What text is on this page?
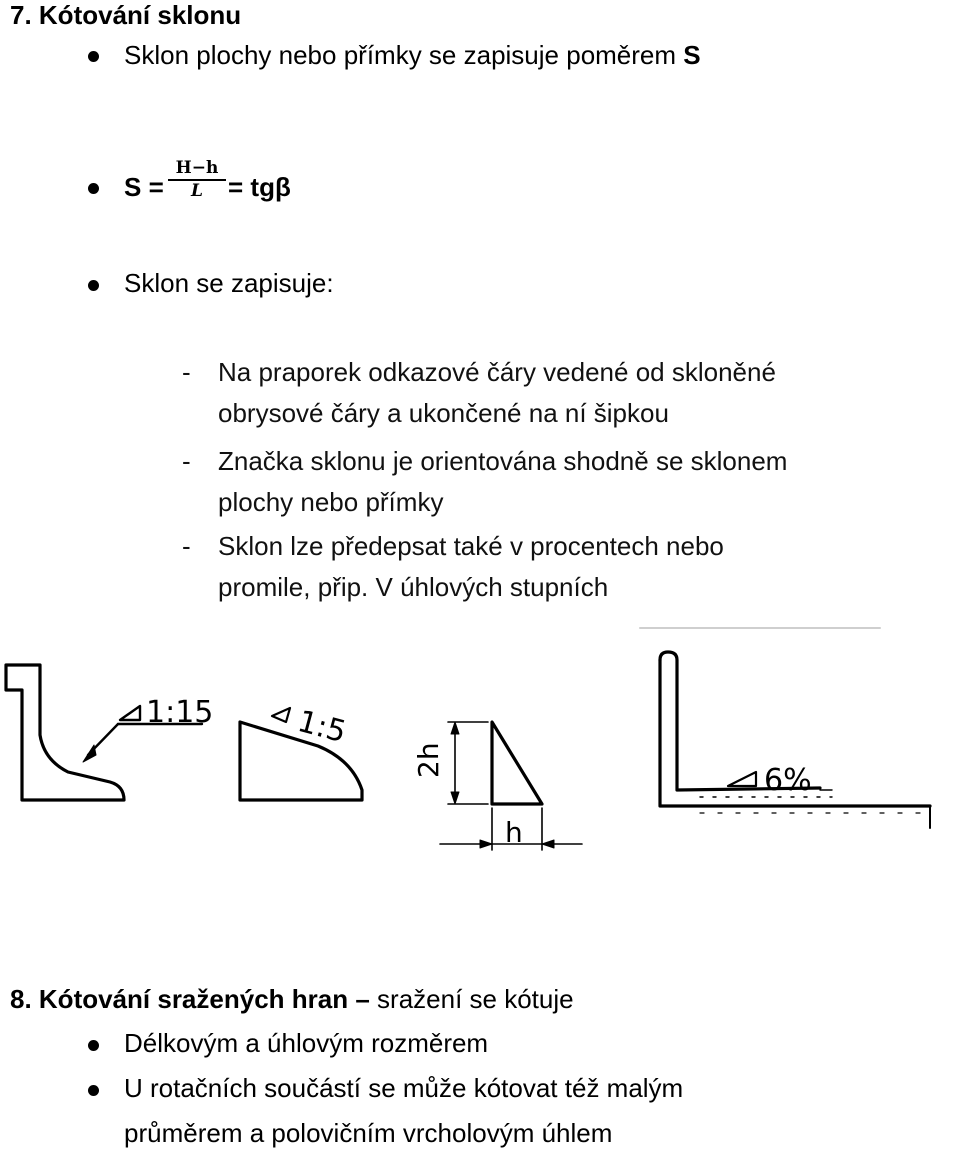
7. Kótování sklonu
Sklon plochy nebo přímky se zapisuje poměrem S
$S = \frac{H-h}{L} = tg\beta$
Sklon se zapisuje:
- Na praporek odkazové čáry vedené od skloněné
obrysové čáry a ukončené na ní šipkou
- Značka sklonu je orientována shodně se sklonem
plochy nebo přímky
- Sklon lze předepsat také v procentech nebo
promile, přip. V úhlových stupních
1:15	1:5
2h
h
6%
8. Kótování sražených hran – sražení se kótuje
Délkovým a úhlovým rozměrem
U rotačních součástí se může kótovat též malým
průměrem a polovičním vrcholovým úhlem
